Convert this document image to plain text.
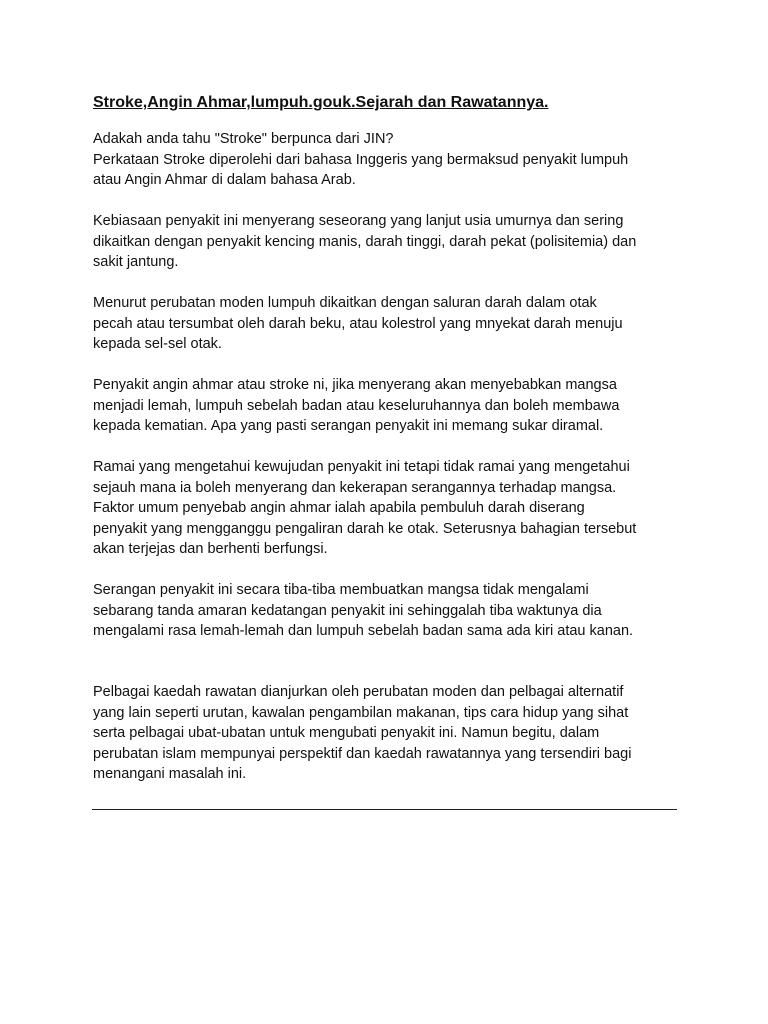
Stroke,Angin Ahmar,lumpuh.gouk.Sejarah dan Rawatannya.

Adakah anda tahu "Stroke" berpunca dari JIN?
Perkataan Stroke diperolehi dari bahasa Inggeris yang bermaksud penyakit lumpuh
atau Angin Ahmar di dalam bahasa Arab.

Kebiasaan penyakit ini menyerang seseorang yang lanjut usia umurnya dan sering
dikaitkan dengan penyakit kencing manis, darah tinggi, darah pekat (polisitemia) dan
sakit jantung.

Menurut perubatan moden lumpuh dikaitkan dengan saluran darah dalam otak
pecah atau tersumbat oleh darah beku, atau kolestrol yang mnyekat darah menuju
kepada sel-sel otak.

Penyakit angin ahmar atau stroke ni, jika menyerang akan menyebabkan mangsa
menjadi lemah, lumpuh sebelah badan atau keseluruhannya dan boleh membawa
kepada kematian. Apa yang pasti serangan penyakit ini memang sukar diramal.

Ramai yang mengetahui kewujudan penyakit ini tetapi tidak ramai yang mengetahui
sejauh mana ia boleh menyerang dan kekerapan serangannya terhadap mangsa.
Faktor umum penyebab angin ahmar ialah apabila pembuluh darah diserang
penyakit yang mengganggu pengaliran darah ke otak. Seterusnya bahagian tersebut
akan terjejas dan berhenti berfungsi.

Serangan penyakit ini secara tiba-tiba membuatkan mangsa tidak mengalami
sebarang tanda amaran kedatangan penyakit ini sehinggalah tiba waktunya dia
mengalami rasa lemah-lemah dan lumpuh sebelah badan sama ada kiri atau kanan.

Pelbagai kaedah rawatan dianjurkan oleh perubatan moden dan pelbagai alternatif
yang lain seperti urutan, kawalan pengambilan makanan, tips cara hidup yang sihat
serta pelbagai ubat-ubatan untuk mengubati penyakit ini. Namun begitu, dalam
perubatan islam mempunyai perspektif dan kaedah rawatannya yang tersendiri bagi
menangani masalah ini.
